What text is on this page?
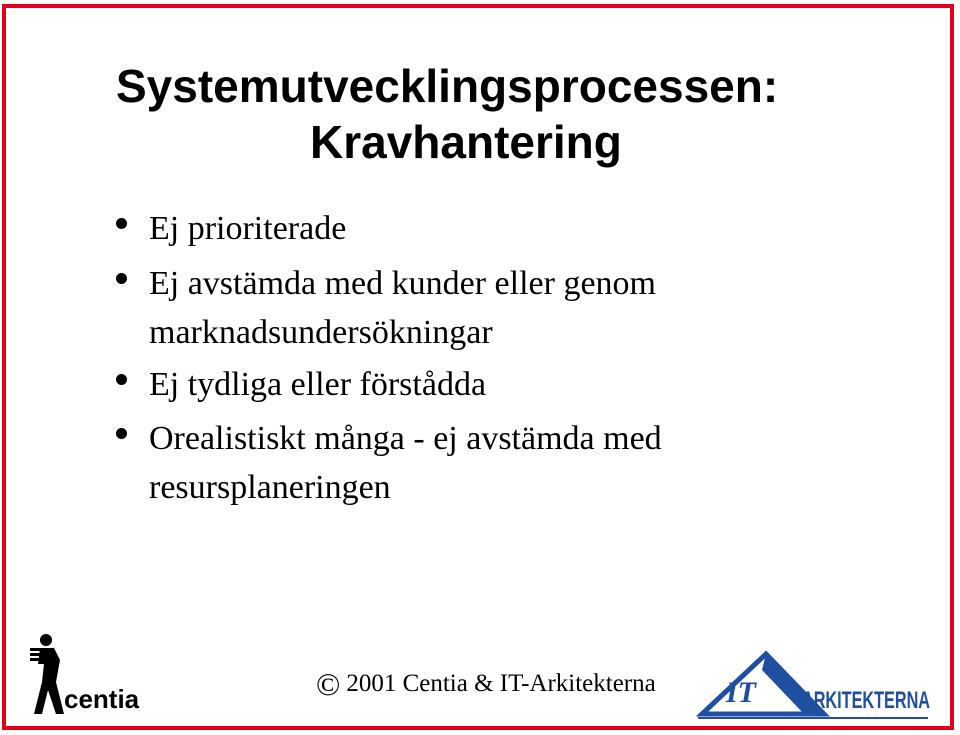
Systemutvecklingsprocessen:
Kravhantering
Ej prioriterade
Ej avstämda med kunder eller genom marknadsundersökningar
Ej tydliga eller förstådda
Orealistiskt många - ej avstämda med resursplaneringen
centia	© 2001 Centia & IT-Arkitekterna IT ARKITEKTERNA
